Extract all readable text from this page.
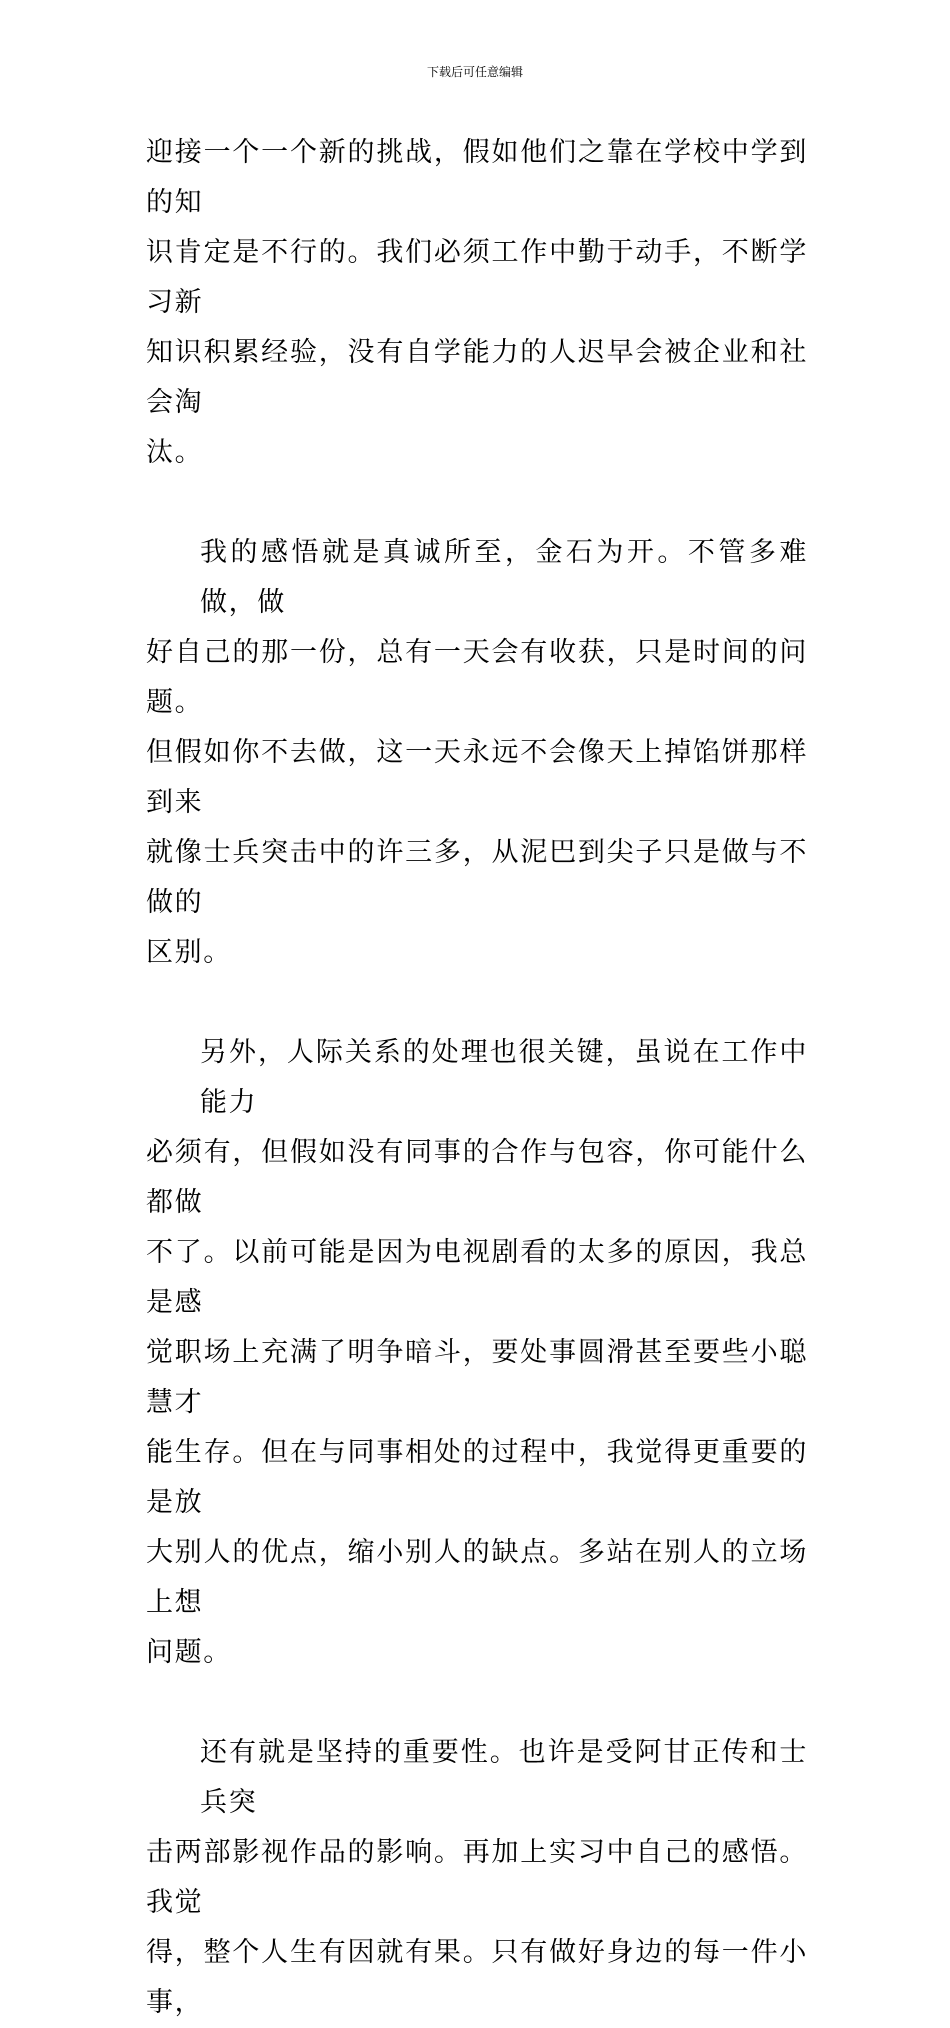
下载后可任意编辑
迎接一个一个新的挑战，假如他们之靠在学校中学到的知
识肯定是不行的。我们必须工作中勤于动手，不断学习新
知识积累经验，没有自学能力的人迟早会被企业和社会淘
汰。
我的感悟就是真诚所至，金石为开。不管多难做，做
好自己的那一份，总有一天会有收获，只是时间的问题。
但假如你不去做，这一天永远不会像天上掉馅饼那样到来
就像士兵突击中的许三多，从泥巴到尖子只是做与不做的
区别。
另外，人际关系的处理也很关键，虽说在工作中能力
必须有，但假如没有同事的合作与包容，你可能什么都做
不了。以前可能是因为电视剧看的太多的原因，我总是感
觉职场上充满了明争暗斗，要处事圆滑甚至要些小聪慧才
能生存。但在与同事相处的过程中，我觉得更重要的是放
大别人的优点，缩小别人的缺点。多站在别人的立场上想
问题。
还有就是坚持的重要性。也许是受阿甘正传和士兵突
击两部影视作品的影响。再加上实习中自己的感悟。我觉
得，整个人生有因就有果。只有做好身边的每一件小事，
